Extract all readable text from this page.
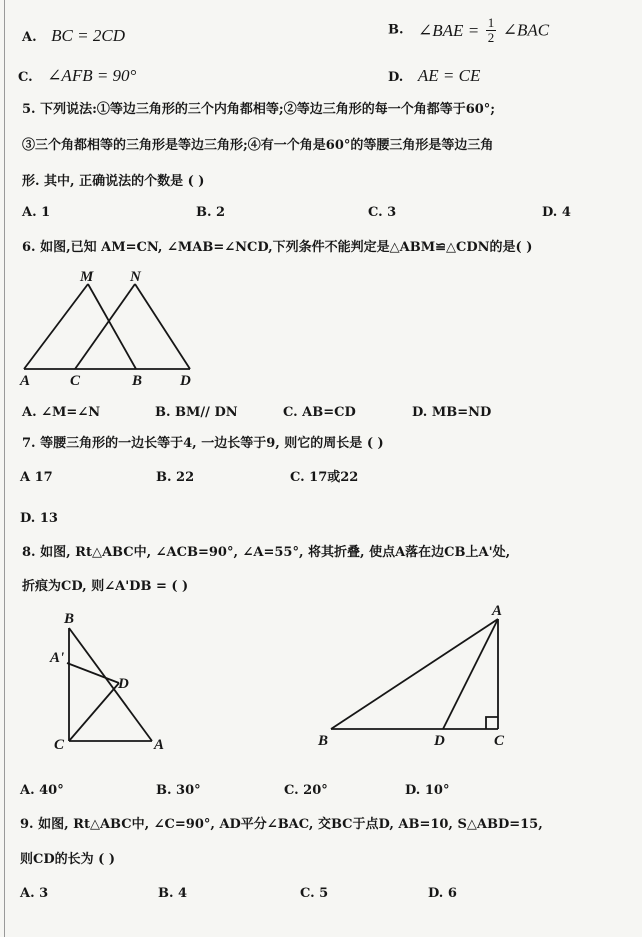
A. BC = 2CD	B. ∠BAE = $\frac{1}{2}$ ∠BAC
C. ∠AFB = 90°	D. AE = CE
5. 下列说法:①等边三角形的三个内角都相等;②等边三角形的每一个角都等于60°;
③三个角都相等的三角形是等边三角形;④有一个角是60°的等腰三角形是等边三角
形. 其中, 正确说法的个数是 ( )
A. 1	B. 2	C. 3	D. 4
6. 如图,已知 AM=CN, ∠MAB=∠NCD,下列条件不能判定是△ABM≌△CDN的是( )
M N
A	C	B	D
A. ∠M=∠N	B. BM// DN	C. AB=CD	D. MB=ND
7. 等腰三角形的一边长等于4, 一边长等于9, 则它的周长是 ( )
A 17	B. 22	C. 17或22
D. 13
8. 如图, Rt△ABC中, ∠ACB=90°, ∠A=55°, 将其折叠, 使点A落在边CB上A'处,
折痕为CD, 则∠A'DB = ( )
B
A'
D
C	A
A
B	D	C
A. 40°	B. 30°	C. 20°	D. 10°
9. 如图, Rt△ABC中, ∠C=90°, AD平分∠BAC, 交BC于点D, AB=10, S△ABD=15,
则CD的长为 ( )
A. 3	B. 4	C. 5	D. 6
